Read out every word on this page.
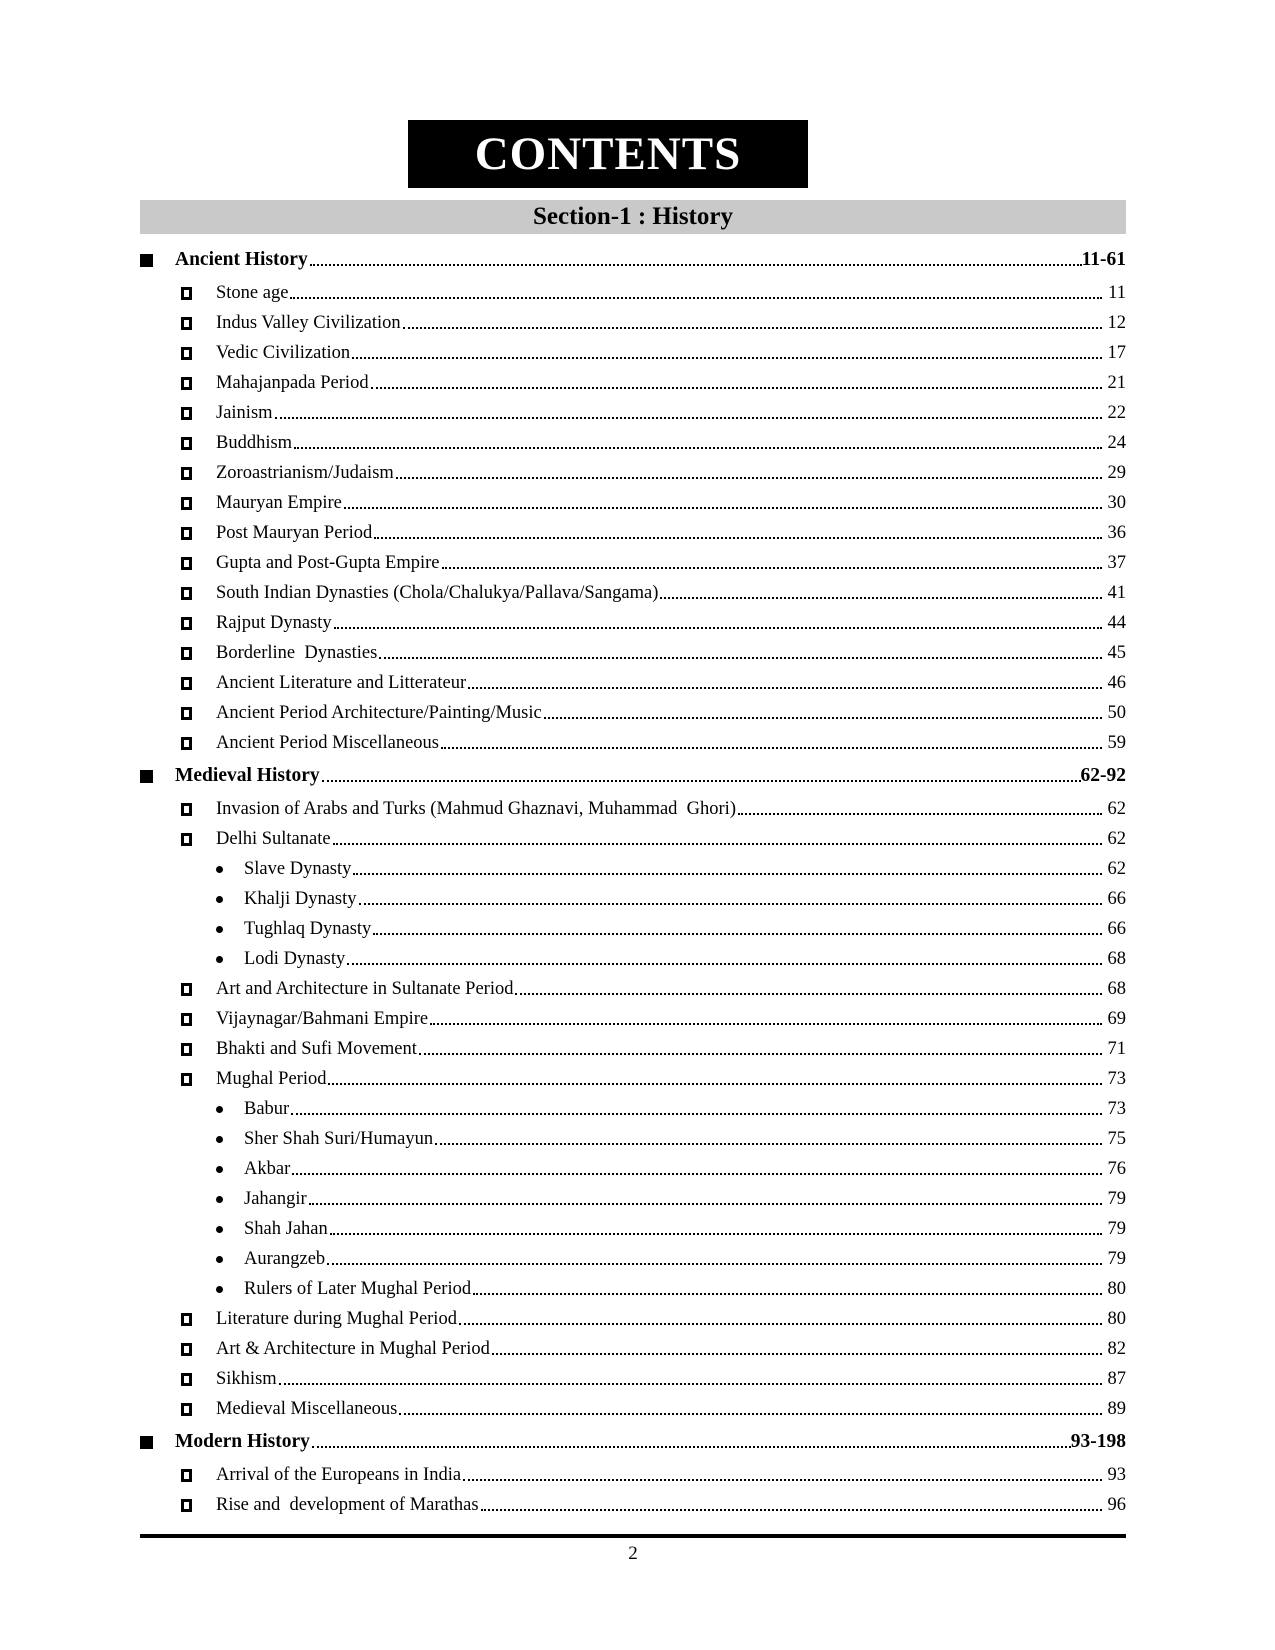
CONTENTS
Section-1 : History
Ancient History	11-61
Stone age	11
Indus Valley Civilization	12
Vedic Civilization	17
Mahajanpada Period	21
Jainism	22
Buddhism	24
Zoroastrianism/Judaism	29
Mauryan Empire	30
Post Mauryan Period	36
Gupta and Post-Gupta Empire	37
South Indian Dynasties (Chola/Chalukya/Pallava/Sangama)	41
Rajput Dynasty	44
Borderline  Dynasties	45
Ancient Literature and Litterateur	46
Ancient Period Architecture/Painting/Music	50
Ancient Period Miscellaneous	59
Medieval History	62-92
Invasion of Arabs and Turks (Mahmud Ghaznavi, Muhammad  Ghori)	62
Delhi Sultanate	62
Slave Dynasty	62
Khalji Dynasty	66
Tughlaq Dynasty	66
Lodi Dynasty	68
Art and Architecture in Sultanate Period	68
Vijaynagar/Bahmani Empire	69
Bhakti and Sufi Movement	71
Mughal Period	73
Babur	73
Sher Shah Suri/Humayun	75
Akbar	76
Jahangir	79
Shah Jahan	79
Aurangzeb	79
Rulers of Later Mughal Period	80
Literature during Mughal Period	80
Art & Architecture in Mughal Period	82
Sikhism	87
Medieval Miscellaneous	89
Modern History	93-198
Arrival of the Europeans in India	93
Rise and  development of Marathas	96
2
